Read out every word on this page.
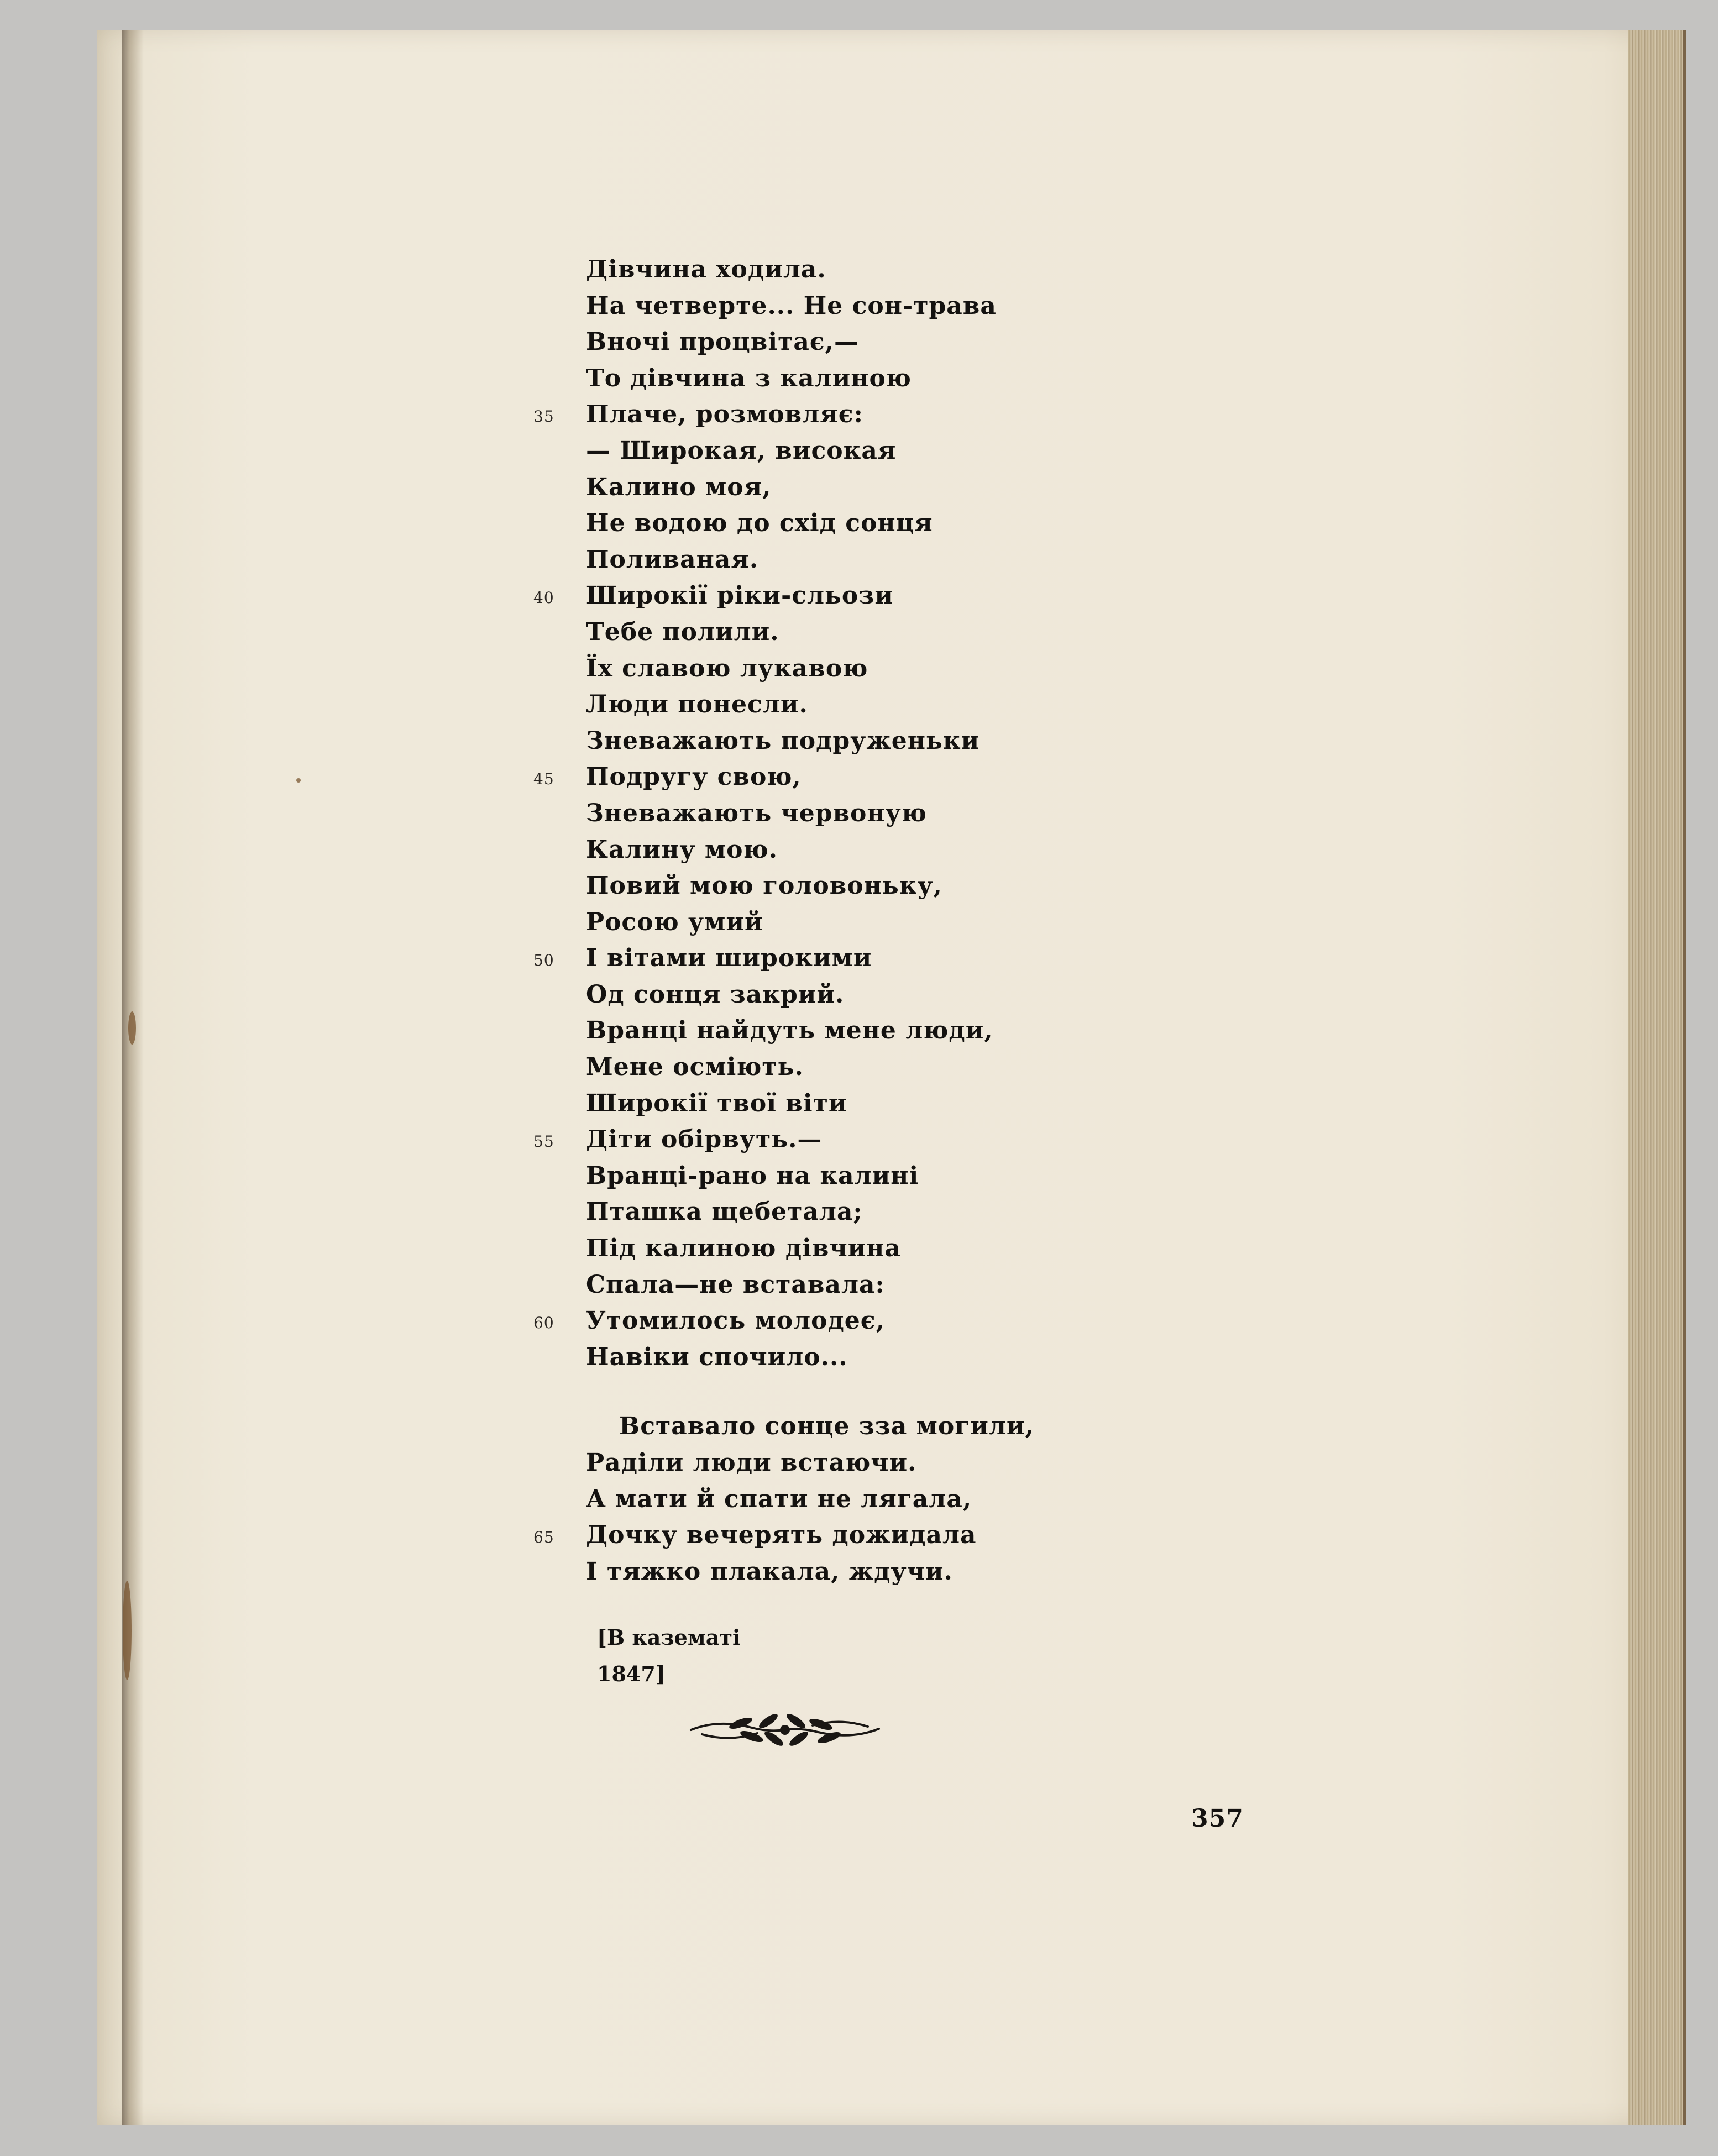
Дівчина ходила.
На четверте... Не сон-трава
Вночі процвітає,—
То дівчина з калиною
35	Плаче, розмовляє:
— Широкая, високая
Калино моя,
Не водою до схід сонця
Поливаная.
40	Широкії ріки-сльози
Тебе полили.
Їх славою лукавою
Люди понесли.
Зневажають подруженьки
45	Подругу свою,
Зневажають червоную
Калину мою.
Повий мою головоньку,
Росою умий
50	І вітами широкими
Од сонця закрий.
Вранці найдуть мене люди,
Мене осміють.
Широкії твої віти
55	Діти обірвуть.—
Вранці-рано на калині
Пташка щебетала;
Під калиною дівчина
Спала—не вставала:
60	Утомилось молодеє,
Навіки спочило...
Вставало сонце зза могили,
Раділи люди встаючи.
А мати й спати не лягала,
65	Дочку вечерять дожидала
І тяжко плакала, ждучи.
[В казематі
1847]
357
